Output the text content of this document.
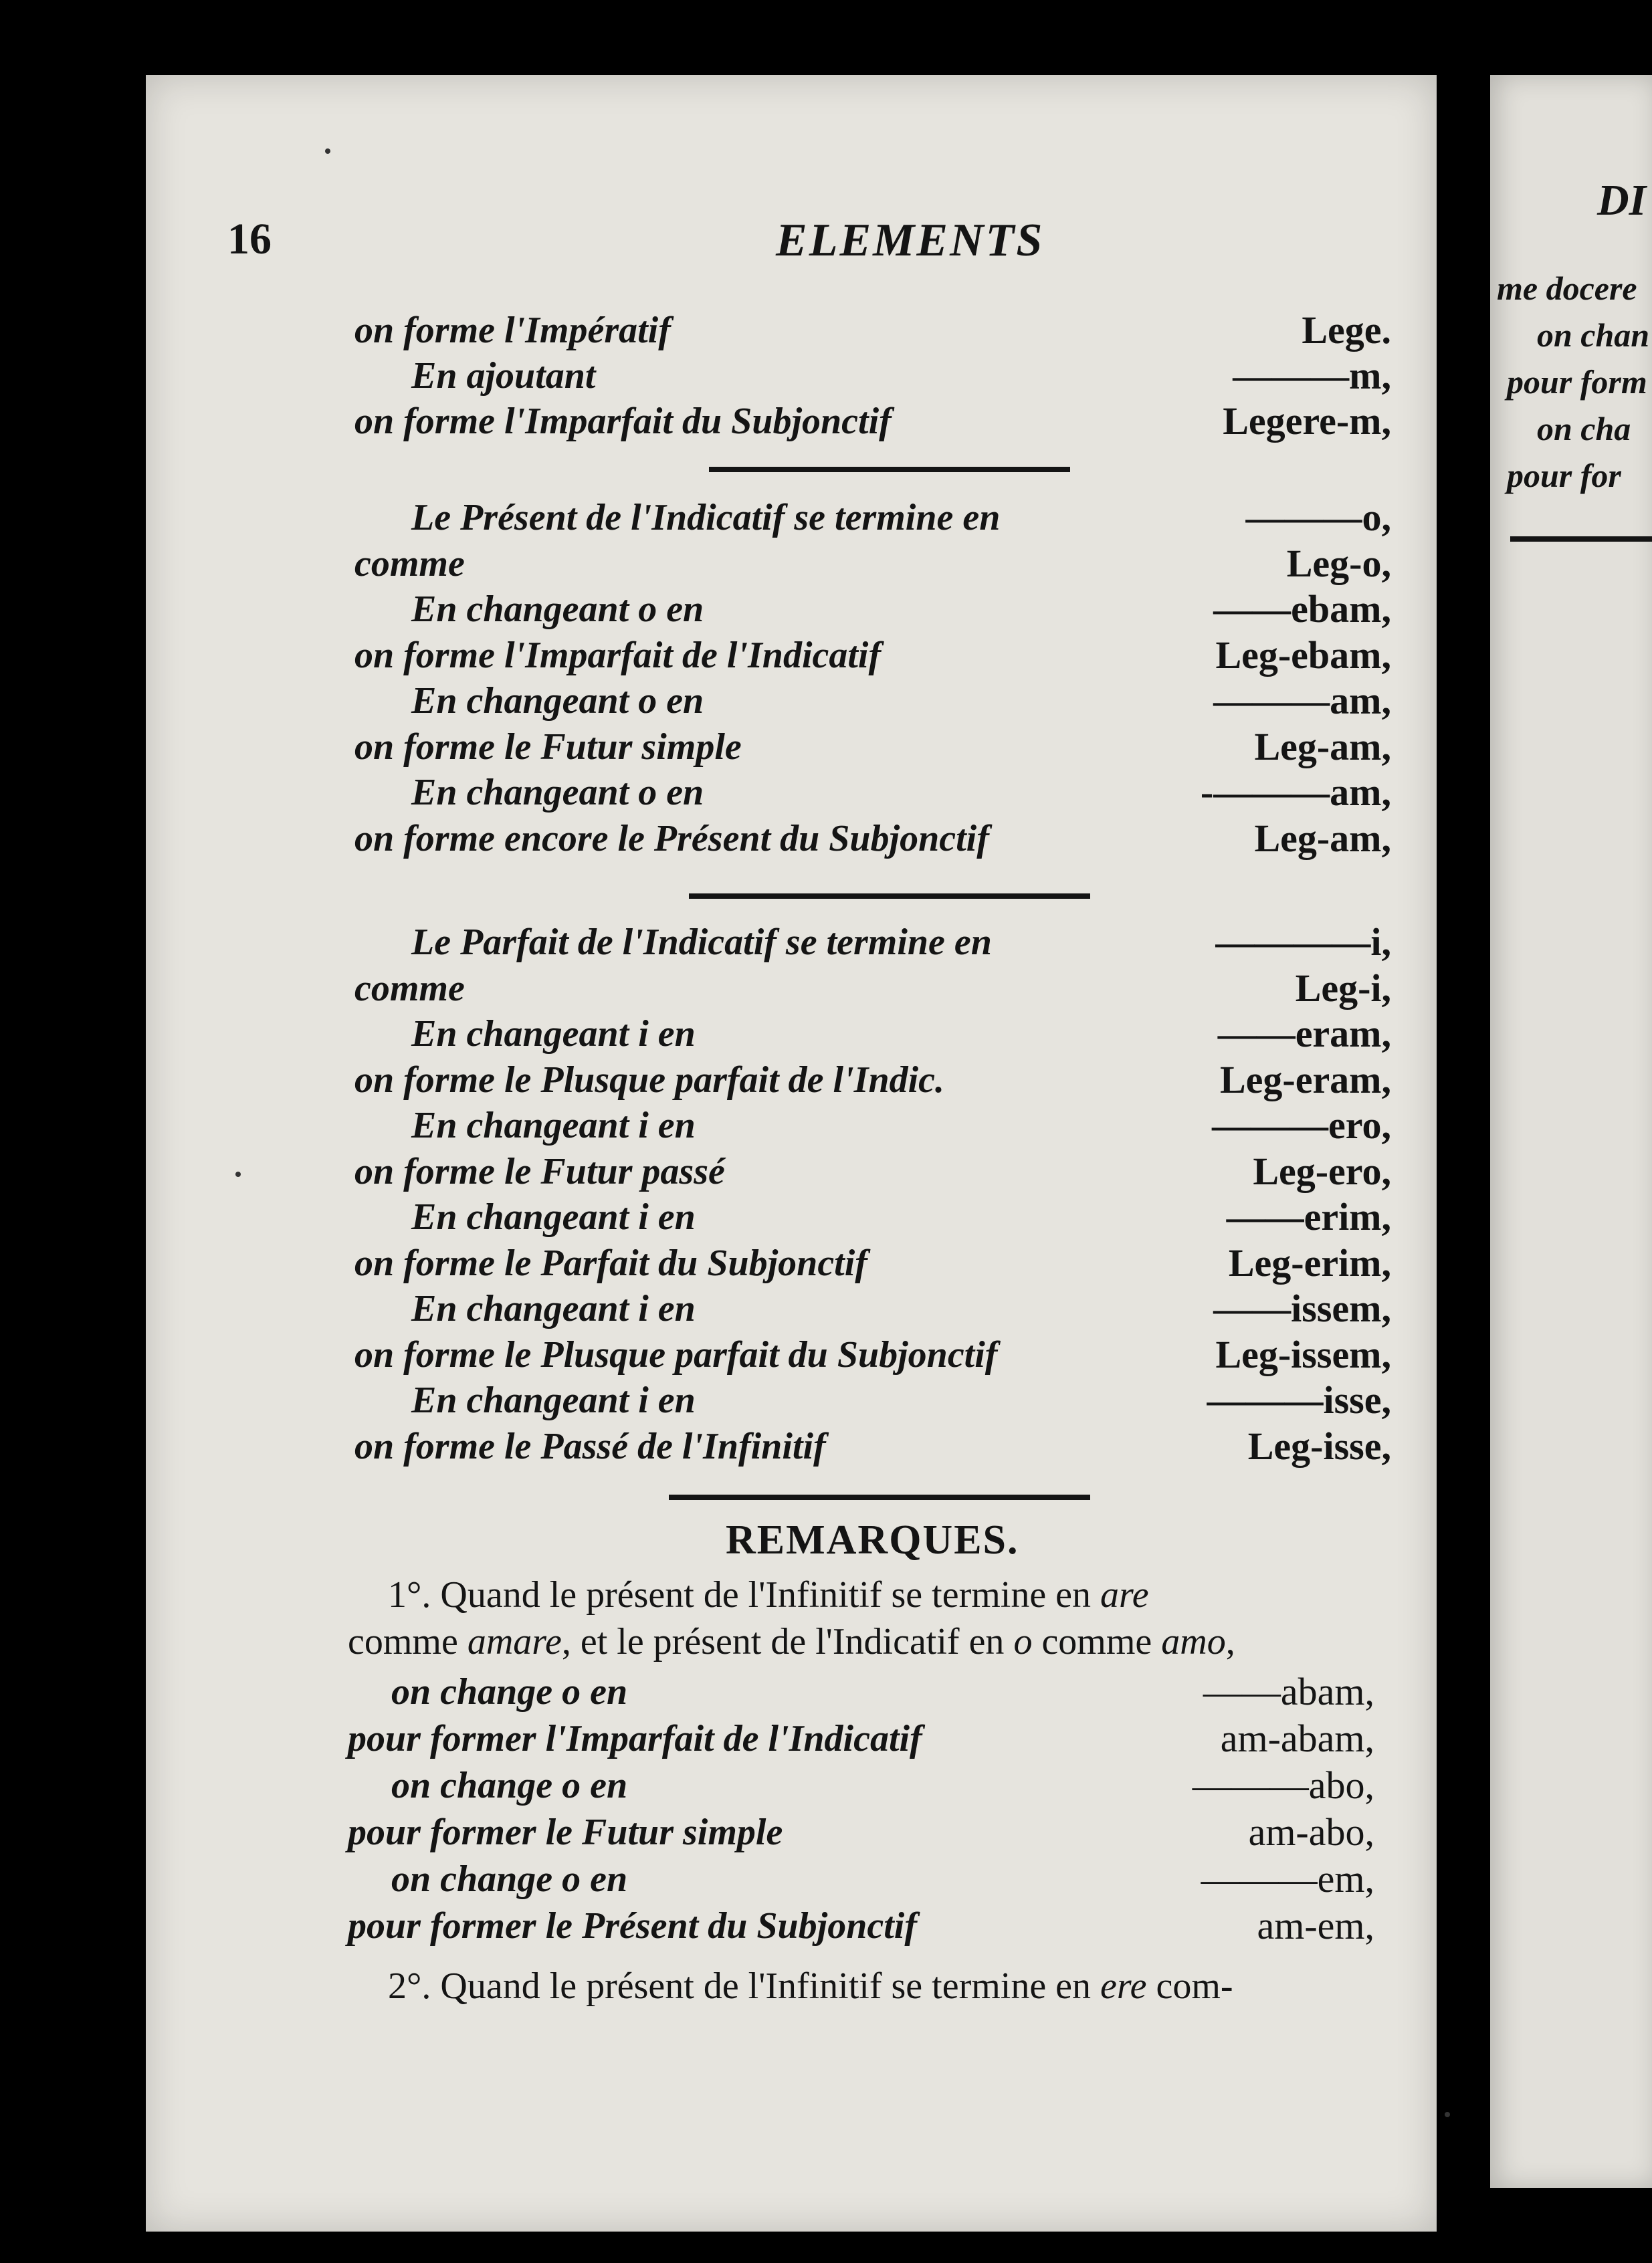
DI
me docere
on chan
pour form
on cha
pour for
16	ELEMENTS
on forme l'Impératif	Lege.
En ajoutant	———m,
on forme l'Imparfait du Subjonctif	Legere-m,
Le Présent de l'Indicatif se termine en	———o,
comme	Leg-o,
En changeant o en	——ebam,
on forme l'Imparfait de l'Indicatif	Leg-ebam,
En changeant o en	———am,
on forme le Futur simple	Leg-am,
En changeant o en	-———am,
on forme encore le Présent du Subjonctif	Leg-am,
Le Parfait de l'Indicatif se termine en	————i,
comme	Leg-i,
En changeant i en	——eram,
on forme le Plusque parfait de l'Indic.	Leg-eram,
En changeant i en	———ero,
on forme le Futur passé	Leg-ero,
En changeant i en	——erim,
on forme le Parfait du Subjonctif	Leg-erim,
En changeant i en	——issem,
on forme le Plusque parfait du Subjonctif	Leg-issem,
En changeant i en	———isse,
on forme le Passé de l'Infinitif	Leg-isse,
REMARQUES.
1°. Quand le présent de l'Infinitif se termine en are
comme amare, et le présent de l'Indicatif en o comme amo,
on change o en	——abam,
pour former l'Imparfait de l'Indicatif	am-abam,
on change o en	———abo,
pour former le Futur simple	am-abo,
on change o en	———em,
pour former le Présent du Subjonctif	am-em,
2°. Quand le présent de l'Infinitif se termine en ere com-
